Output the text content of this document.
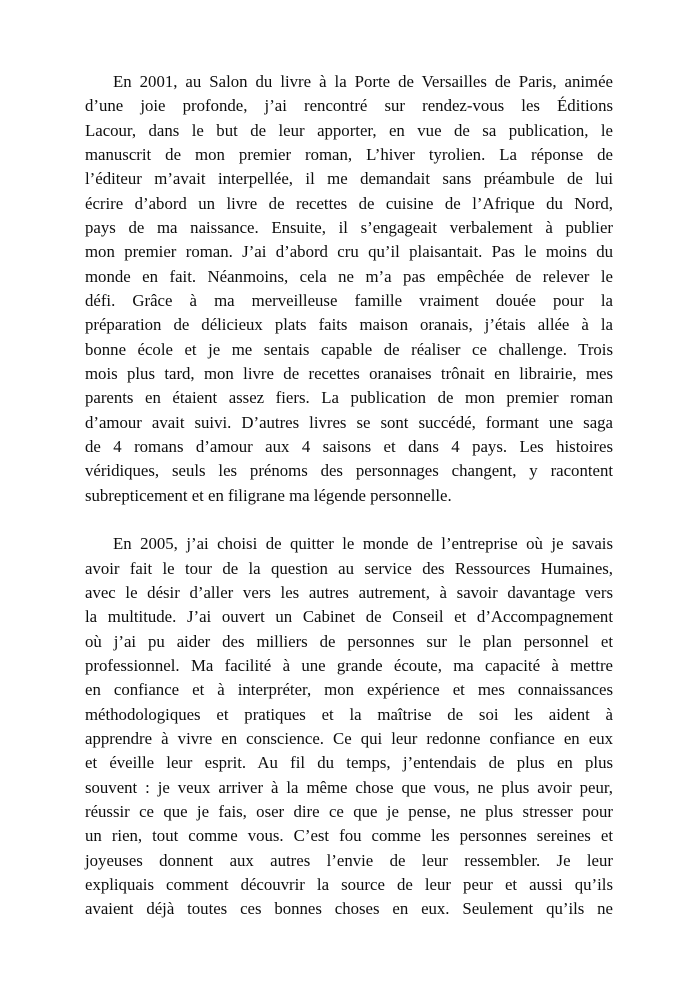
En 2001, au Salon du livre à la Porte de Versailles de Paris, animée
d’une joie profonde, j’ai rencontré sur rendez-vous les Éditions
Lacour, dans le but de leur apporter, en vue de sa publication, le
manuscrit de mon premier roman, L’hiver tyrolien. La réponse de
l’éditeur m’avait interpellée, il me demandait sans préambule de lui
écrire d’abord un livre de recettes de cuisine de l’Afrique du Nord,
pays de ma naissance. Ensuite, il s’engageait verbalement à publier
mon premier roman. J’ai d’abord cru qu’il plaisantait. Pas le moins du
monde en fait. Néanmoins, cela ne m’a pas empêchée de relever le
défi. Grâce à ma merveilleuse famille vraiment douée pour la
préparation de délicieux plats faits maison oranais, j’étais allée à la
bonne école et je me sentais capable de réaliser ce challenge. Trois
mois plus tard, mon livre de recettes oranaises trônait en librairie, mes
parents en étaient assez fiers. La publication de mon premier roman
d’amour avait suivi. D’autres livres se sont succédé, formant une saga
de 4 romans d’amour aux 4 saisons et dans 4 pays. Les histoires
véridiques, seuls les prénoms des personnages changent, y racontent
subrepticement et en filigrane ma légende personnelle.

En 2005, j’ai choisi de quitter le monde de l’entreprise où je savais
avoir fait le tour de la question au service des Ressources Humaines,
avec le désir d’aller vers les autres autrement, à savoir davantage vers
la multitude. J’ai ouvert un Cabinet de Conseil et d’Accompagnement
où j’ai pu aider des milliers de personnes sur le plan personnel et
professionnel. Ma facilité à une grande écoute, ma capacité à mettre
en confiance et à interpréter, mon expérience et mes connaissances
méthodologiques et pratiques et la maîtrise de soi les aident à
apprendre à vivre en conscience. Ce qui leur redonne confiance en eux
et éveille leur esprit. Au fil du temps, j’entendais de plus en plus
souvent : je veux arriver à la même chose que vous, ne plus avoir peur,
réussir ce que je fais, oser dire ce que je pense, ne plus stresser pour
un rien, tout comme vous. C’est fou comme les personnes sereines et
joyeuses donnent aux autres l’envie de leur ressembler. Je leur
expliquais comment découvrir la source de leur peur et aussi qu’ils
avaient déjà toutes ces bonnes choses en eux. Seulement qu’ils ne
